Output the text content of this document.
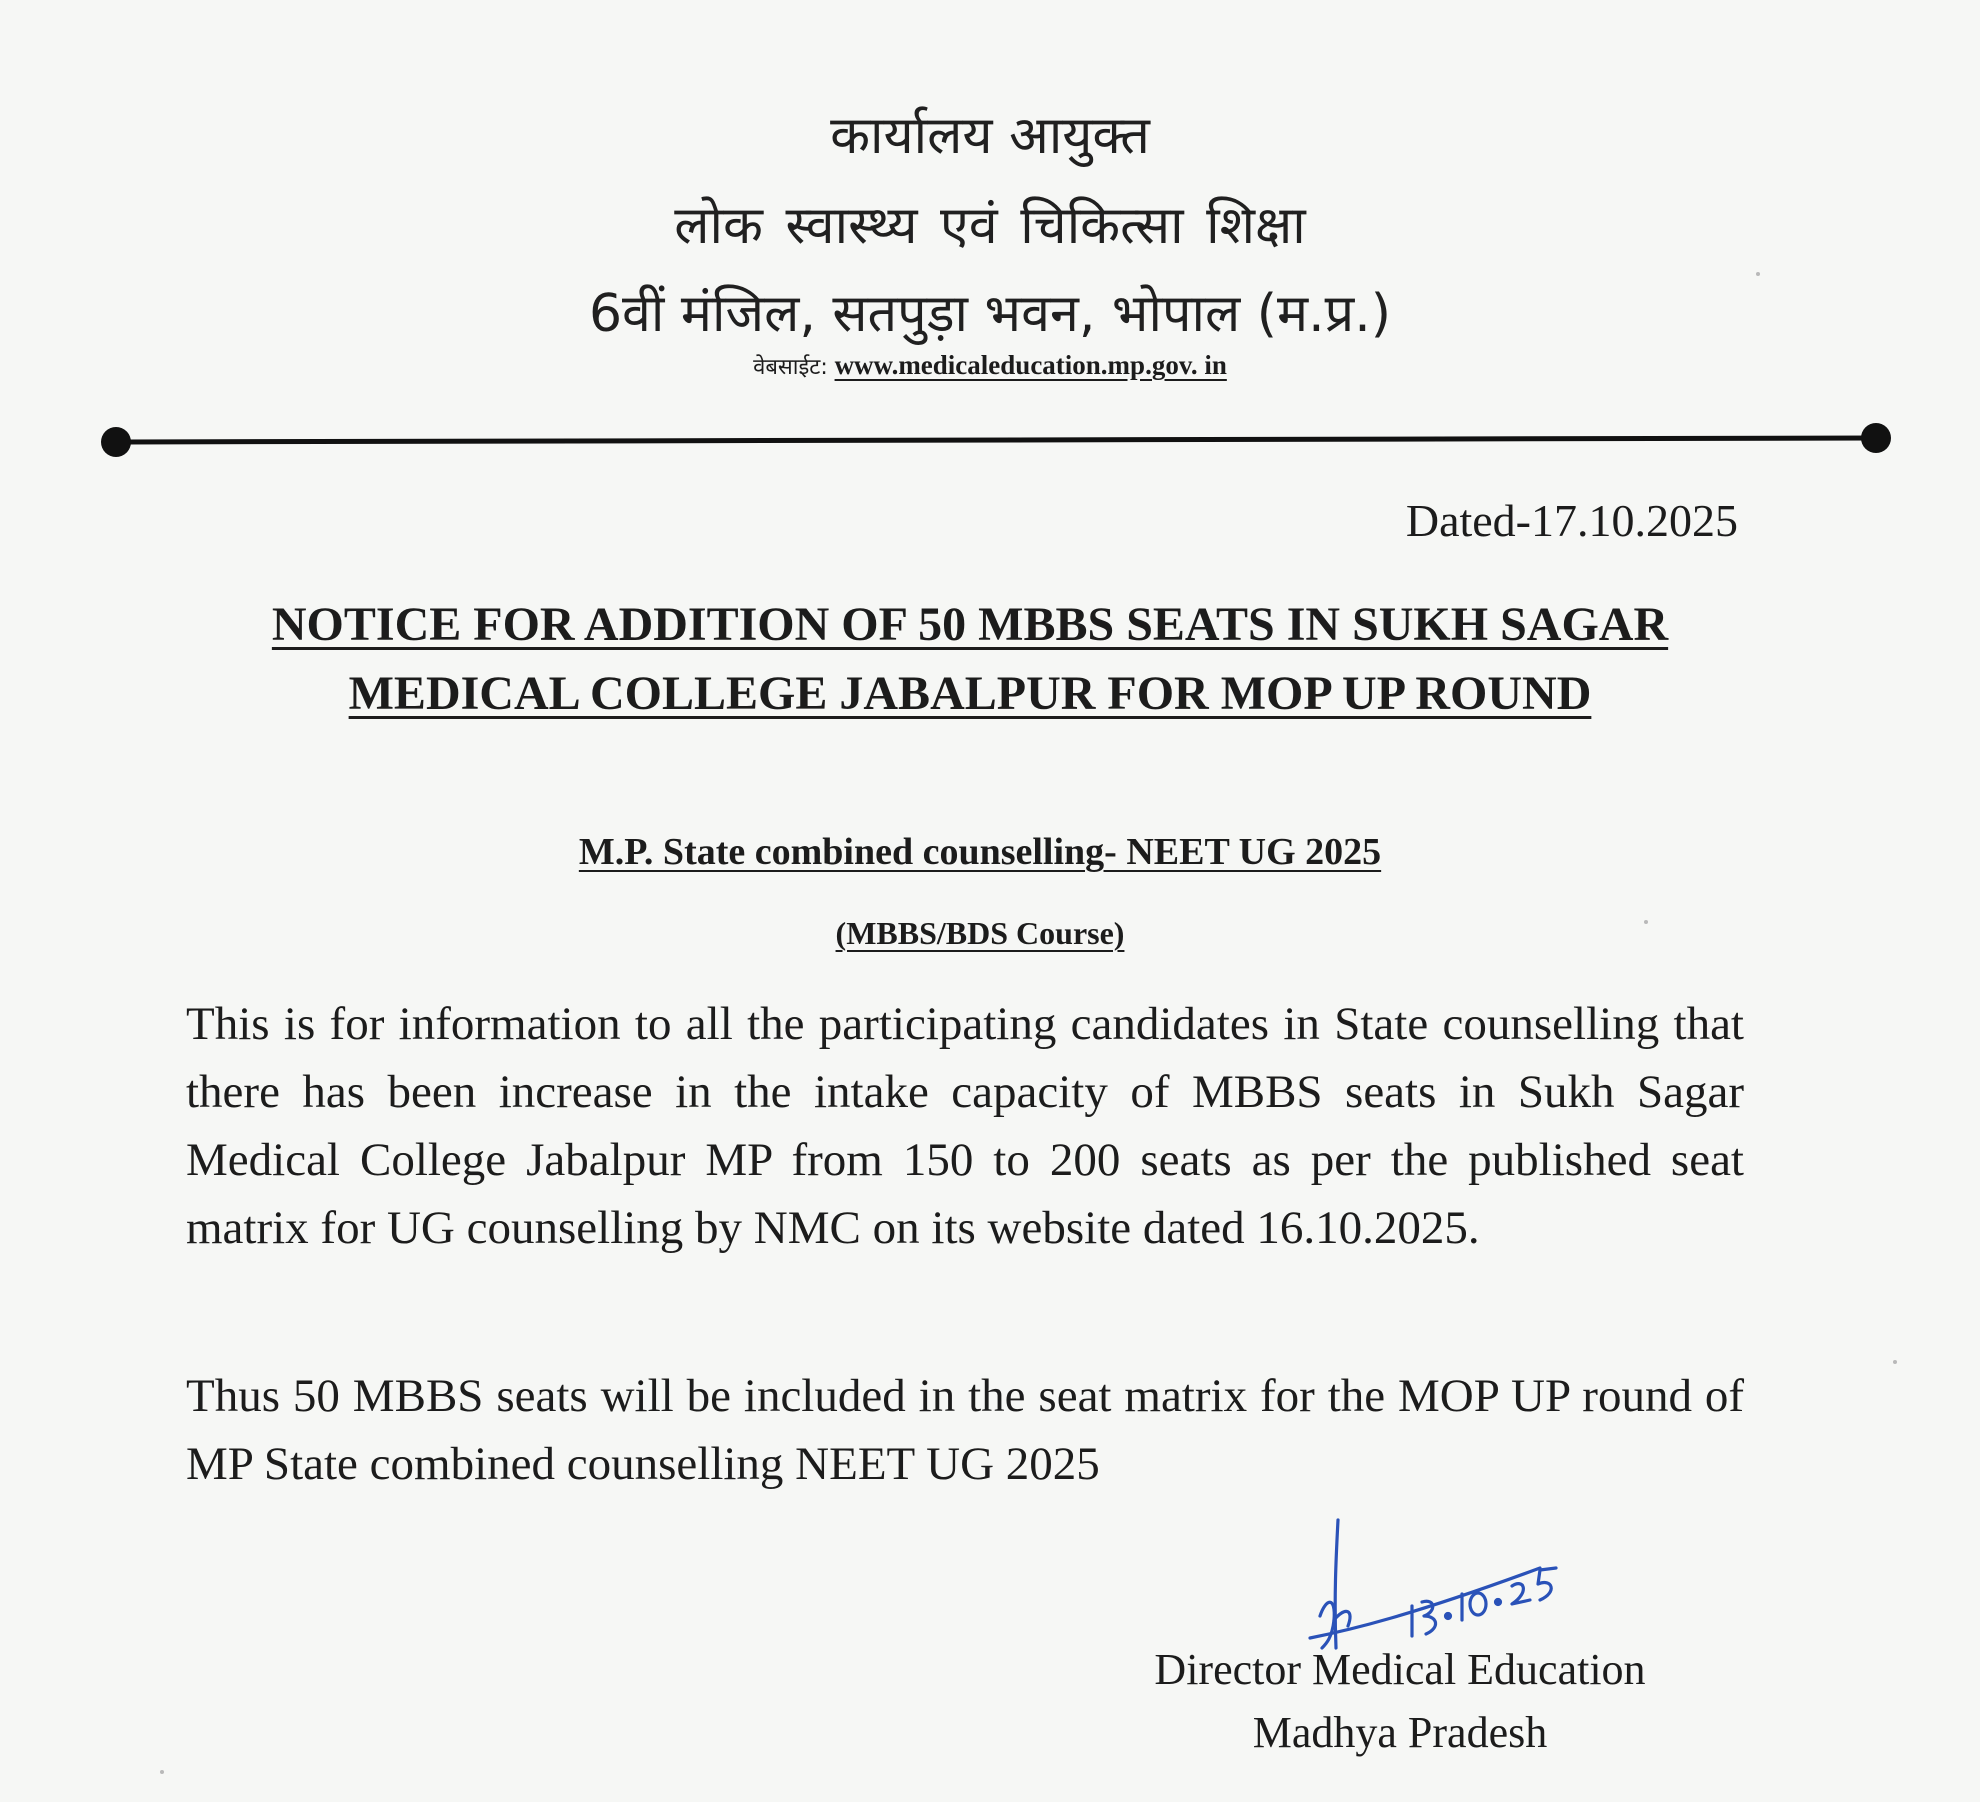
कार्यालय आयुक्त
लोक स्वास्थ्य एवं चिकित्सा शिक्षा
6वीं मंजिल, सतपुड़ा भवन, भोपाल (म.प्र.)
वेबसाईट: www.medicaleducation.mp.gov. in
Dated-17.10.2025
NOTICE FOR ADDITION OF 50 MBBS SEATS IN SUKH SAGAR MEDICAL COLLEGE JABALPUR FOR MOP UP ROUND
M.P. State combined counselling- NEET UG 2025
(MBBS/BDS Course)
This is for information to all the participating candidates in State counselling that there has been increase in the intake capacity of MBBS seats in Sukh Sagar Medical College Jabalpur MP from 150 to 200 seats as per the published seat matrix for UG counselling by NMC on its website dated 16.10.2025.
Thus 50 MBBS seats will be included in the seat matrix for the MOP UP round of MP State combined counselling NEET UG 2025
Director Medical Education
Madhya Pradesh
